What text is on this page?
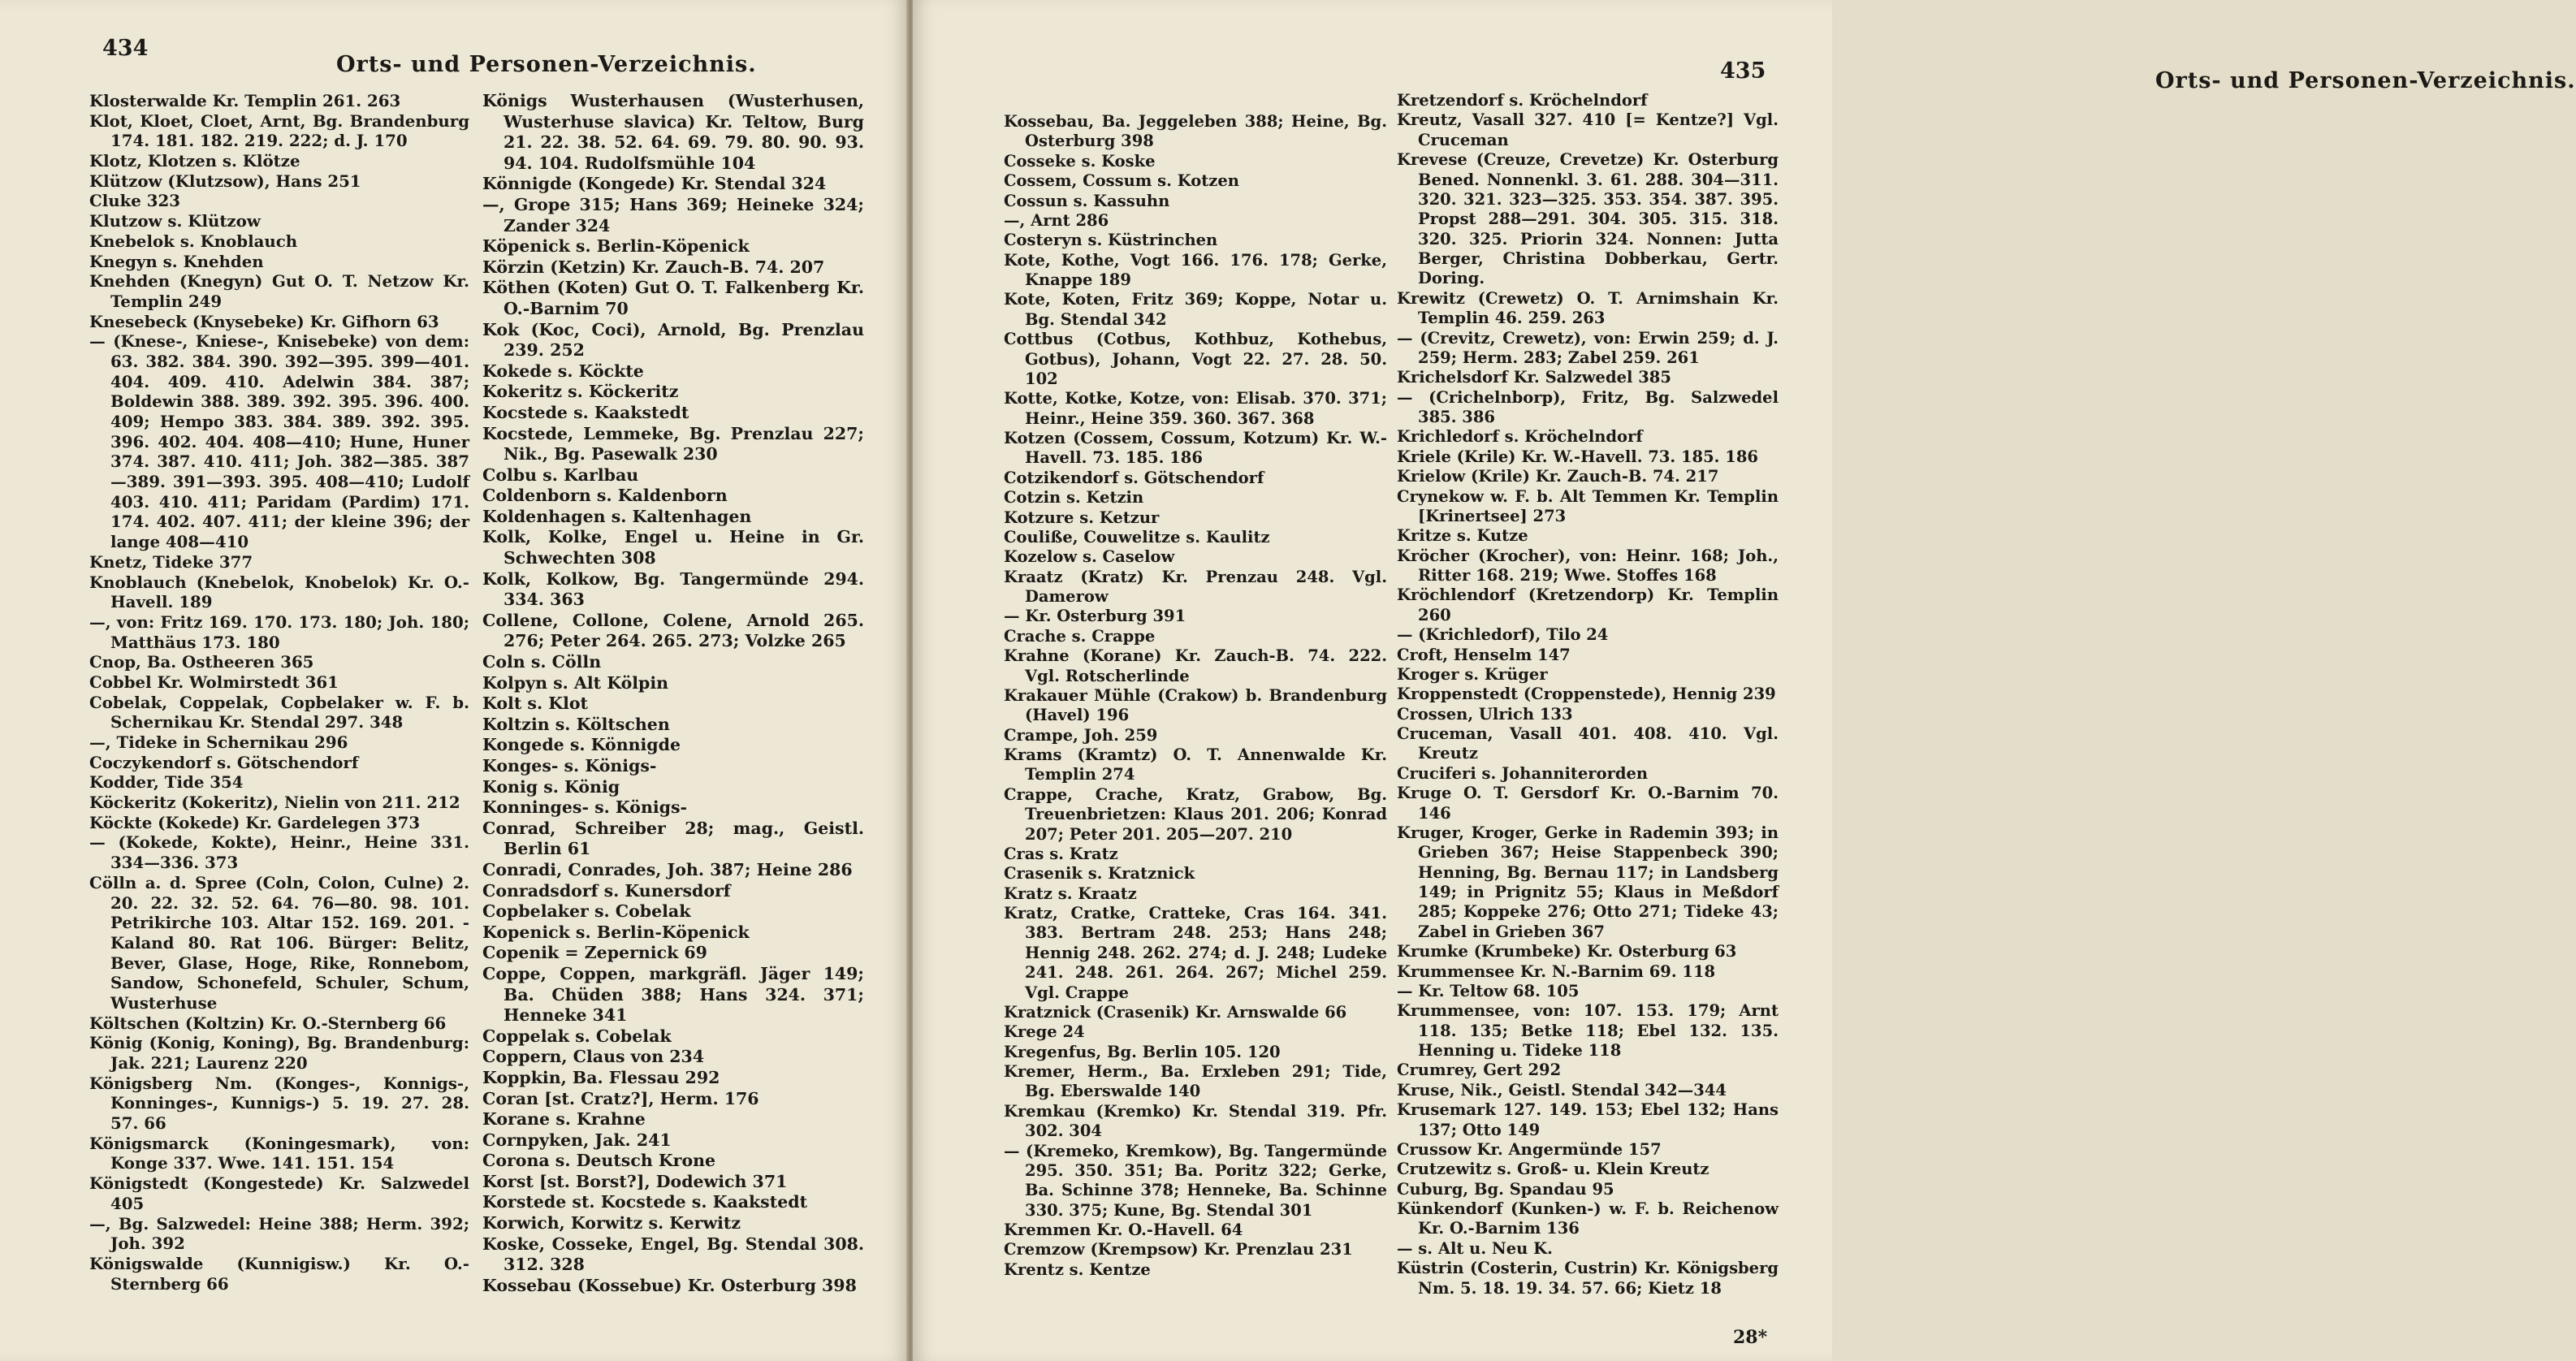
434
Orts- und Personen-Verzeichnis.

Klosterwalde Kr. Templin 261. 263

Klot, Kloet, Cloet, Arnt, Bg. Brandenburg 174. 181. 182. 219. 222; d. J. 170

Klotz, Klotzen s. Klötze

Klützow (Klutzsow), Hans 251

Cluke 323

Klutzow s. Klützow

Knebelok s. Knoblauch

Knegyn s. Knehden

Knehden (Knegyn) Gut O. T. Netzow Kr. Templin 249

Knesebeck (Knysebeke) Kr. Gifhorn 63

— (Knese-, Kniese-, Knisebeke) von dem: 63. 382. 384. 390. 392—395. 399—401. 404. 409. 410. Adelwin 384. 387; Boldewin 388. 389. 392. 395. 396. 400. 409; Hempo 383. 384. 389. 392. 395. 396. 402. 404. 408—410; Hune, Huner 374. 387. 410. 411; Joh. 382—385. 387—389. 391—393. 395. 408—410; Ludolf 403. 410. 411; Paridam (Pardim) 171. 174. 402. 407. 411; der kleine 396; der lange 408—410

Knetz, Tideke 377

Knoblauch (Knebelok, Knobelok) Kr. O.-Havell. 189

—, von: Fritz 169. 170. 173. 180; Joh. 180; Matthäus 173. 180

Cnop, Ba. Ostheeren 365

Cobbel Kr. Wolmirstedt 361

Cobelak, Coppelak, Copbelaker w. F. b. Schernikau Kr. Stendal 297. 348

—, Tideke in Schernikau 296

Coczykendorf s. Götschendorf

Kodder, Tide 354

Köckeritz (Kokeritz), Nielin von 211. 212

Köckte (Kokede) Kr. Gardelegen 373

— (Kokede, Kokte), Heinr., Heine 331. 334—336. 373

Cölln a. d. Spree (Coln, Colon, Culne) 2. 20. 22. 32. 52. 64. 76—80. 98. 101. Petrikirche 103. Altar 152. 169. 201. -Kaland 80. Rat 106. Bürger: Belitz, Bever, Glase, Hoge, Rike, Ronnebom, Sandow, Schonefeld, Schuler, Schum, Wusterhuse

Költschen (Koltzin) Kr. O.-Sternberg 66

König (Konig, Koning), Bg. Brandenburg: Jak. 221; Laurenz 220

Königsberg Nm. (Konges-, Konnigs-, Konninges-, Kunnigs-) 5. 19. 27. 28. 57. 66

Königsmarck (Koningesmark), von: Konge 337. Wwe. 141. 151. 154

Königstedt (Kongestede) Kr. Salzwedel 405

—, Bg. Salzwedel: Heine 388; Herm. 392; Joh. 392

Königswalde (Kunnigisw.) Kr. O.-Sternberg 66

Königs Wusterhausen (Wusterhusen, Wusterhuse slavica) Kr. Teltow, Burg 21. 22. 38. 52. 64. 69. 79. 80. 90. 93. 94. 104. Rudolfsmühle 104

Könnigde (Kongede) Kr. Stendal 324

—, Grope 315; Hans 369; Heineke 324; Zander 324

Köpenick s. Berlin-Köpenick

Körzin (Ketzin) Kr. Zauch-B. 74. 207

Köthen (Koten) Gut O. T. Falkenberg Kr. O.-Barnim 70

Kok (Koc, Coci), Arnold, Bg. Prenzlau 239. 252

Kokede s. Köckte

Kokeritz s. Köckeritz

Kocstede s. Kaakstedt

Kocstede, Lemmeke, Bg. Prenzlau 227; Nik., Bg. Pasewalk 230

Colbu s. Karlbau

Coldenborn s. Kaldenborn

Koldenhagen s. Kaltenhagen

Kolk, Kolke, Engel u. Heine in Gr. Schwechten 308

Kolk, Kolkow, Bg. Tangermünde 294. 334. 363

Collene, Collone, Colene, Arnold 265. 276; Peter 264. 265. 273; Volzke 265

Coln s. Cölln

Kolpyn s. Alt Kölpin

Kolt s. Klot

Koltzin s. Költschen

Kongede s. Könnigde

Konges- s. Königs-

Konig s. König

Konninges- s. Königs-

Conrad, Schreiber 28; mag., Geistl. Berlin 61

Conradi, Conrades, Joh. 387; Heine 286

Conradsdorf s. Kunersdorf

Copbelaker s. Cobelak

Kopenick s. Berlin-Köpenick

Copenik = Zepernick 69

Coppe, Coppen, markgräfl. Jäger 149; Ba. Chüden 388; Hans 324. 371; Henneke 341

Coppelak s. Cobelak

Coppern, Claus von 234

Koppkin, Ba. Flessau 292

Coran [st. Cratz?], Herm. 176

Korane s. Krahne

Cornpyken, Jak. 241

Corona s. Deutsch Krone

Korst [st. Borst?], Dodewich 371

Korstede st. Kocstede s. Kaakstedt

Korwich, Korwitz s. Kerwitz

Koske, Cosseke, Engel, Bg. Stendal 308. 312. 328

Kossebau (Kossebue) Kr. Osterburg 398

Orts- und Personen-Verzeichnis.

Kossebau, Ba. Jeggeleben 388; Heine, Bg. Osterburg 398

Cosseke s. Koske

Cossem, Cossum s. Kotzen

Cossun s. Kassuhn

—, Arnt 286

Costeryn s. Küstrinchen

Kote, Kothe, Vogt 166. 176. 178; Gerke, Knappe 189

Kote, Koten, Fritz 369; Koppe, Notar u. Bg. Stendal 342

Cottbus (Cotbus, Kothbuz, Kothebus, Gotbus), Johann, Vogt 22. 27. 28. 50. 102

Kotte, Kotke, Kotze, von: Elisab. 370. 371; Heinr., Heine 359. 360. 367. 368

Kotzen (Cossem, Cossum, Kotzum) Kr. W.-Havell. 73. 185. 186

Cotzikendorf s. Götschendorf

Cotzin s. Ketzin

Kotzure s. Ketzur

Couliße, Couwelitze s. Kaulitz

Kozelow s. Caselow

Kraatz (Kratz) Kr. Prenzau 248. Vgl. Damerow

— Kr. Osterburg 391

Crache s. Crappe

Krahne (Korane) Kr. Zauch-B. 74. 222. Vgl. Rotscherlinde

Krakauer Mühle (Crakow) b. Brandenburg (Havel) 196

Crampe, Joh. 259

Krams (Kramtz) O. T. Annenwalde Kr. Templin 274

Crappe, Crache, Kratz, Grabow, Bg. Treuenbrietzen: Klaus 201. 206; Konrad 207; Peter 201. 205—207. 210

Cras s. Kratz

Crasenik s. Kratznick

Kratz s. Kraatz

Kratz, Cratke, Cratteke, Cras 164. 341. 383. Bertram 248. 253; Hans 248; Hennig 248. 262. 274; d. J. 248; Ludeke 241. 248. 261. 264. 267; Michel 259. Vgl. Crappe

Kratznick (Crasenik) Kr. Arnswalde 66

Krege 24

Kregenfus, Bg. Berlin 105. 120

Kremer, Herm., Ba. Erxleben 291; Tide, Bg. Eberswalde 140

Kremkau (Kremko) Kr. Stendal 319. Pfr. 302. 304

— (Kremeko, Kremkow), Bg. Tangermünde 295. 350. 351; Ba. Poritz 322; Gerke, Ba. Schinne 378; Henneke, Ba. Schinne 330. 375; Kune, Bg. Stendal 301

Kremmen Kr. O.-Havell. 64

Cremzow (Krempsow) Kr. Prenzlau 231

Krentz s. Kentze

Kretzendorf s. Kröchelndorf

Kreutz, Vasall 327. 410 [= Kentze?] Vgl. Cruceman

Krevese (Creuze, Crevetze) Kr. Osterburg Bened. Nonnenkl. 3. 61. 288. 304—311. 320. 321. 323—325. 353. 354. 387. 395. Propst 288—291. 304. 305. 315. 318. 320. 325. Priorin 324. Nonnen: Jutta Berger, Christina Dobberkau, Gertr. Doring.

Krewitz (Crewetz) O. T. Arnimshain Kr. Templin 46. 259. 263

— (Crevitz, Crewetz), von: Erwin 259; d. J. 259; Herm. 283; Zabel 259. 261

Krichelsdorf Kr. Salzwedel 385

— (Crichelnborp), Fritz, Bg. Salzwedel 385. 386

Krichledorf s. Kröchelndorf

Kriele (Krile) Kr. W.-Havell. 73. 185. 186

Krielow (Krile) Kr. Zauch-B. 74. 217

Crynekow w. F. b. Alt Temmen Kr. Templin [Krinertsee] 273

Kritze s. Kutze

Kröcher (Krocher), von: Heinr. 168; Joh., Ritter 168. 219; Wwe. Stoffes 168

Kröchlendorf (Kretzendorp) Kr. Templin 260

— (Krichledorf), Tilo 24

Croft, Henselm 147

Kroger s. Krüger

Kroppenstedt (Croppenstede), Hennig 239

Crossen, Ulrich 133

Cruceman, Vasall 401. 408. 410. Vgl. Kreutz

Cruciferi s. Johanniterorden

Kruge O. T. Gersdorf Kr. O.-Barnim 70. 146

Kruger, Kroger, Gerke in Rademin 393; in Grieben 367; Heise Stappenbeck 390; Henning, Bg. Bernau 117; in Landsberg 149; in Prignitz 55; Klaus in Meßdorf 285; Koppeke 276; Otto 271; Tideke 43; Zabel in Grieben 367

Krumke (Krumbeke) Kr. Osterburg 63

Krummensee Kr. N.-Barnim 69. 118

— Kr. Teltow 68. 105

Krummensee, von: 107. 153. 179; Arnt 118. 135; Betke 118; Ebel 132. 135. Henning u. Tideke 118

Crumrey, Gert 292

Kruse, Nik., Geistl. Stendal 342—344

Krusemark 127. 149. 153; Ebel 132; Hans 137; Otto 149

Crussow Kr. Angermünde 157

Crutzewitz s. Groß- u. Klein Kreutz

Cuburg, Bg. Spandau 95

Künkendorf (Kunken-) w. F. b. Reichenow Kr. O.-Barnim 136

— s. Alt u. Neu K.

Küstrin (Costerin, Custrin) Kr. Königsberg Nm. 5. 18. 19. 34. 57. 66; Kietz 18

28*
435
